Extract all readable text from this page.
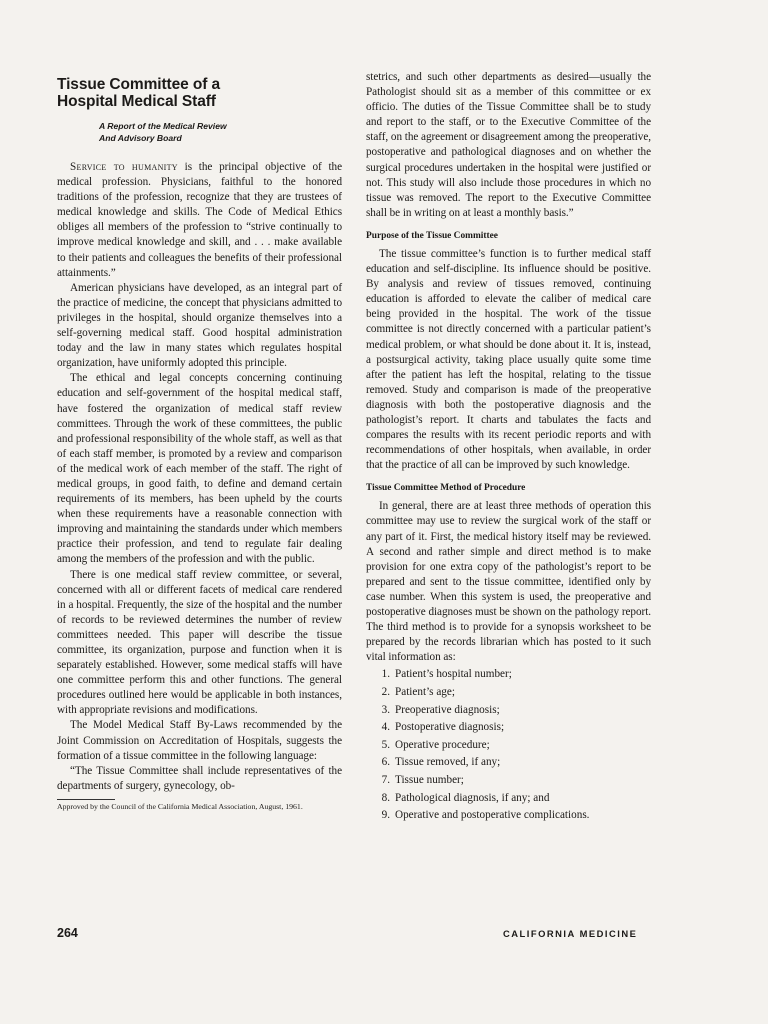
Tissue Committee of a
Hospital Medical Staff
A Report of the Medical Review
And Advisory Board

Service to humanity is the principal objective of the medical profession. Physicians, faithful to the honored traditions of the profession, recognize that they are trustees of medical knowledge and skills. The Code of Medical Ethics obliges all members of the profession to “strive continually to improve medical knowledge and skill, and . . . make available to their patients and colleagues the benefits of their professional attainments.”

American physicians have developed, as an integral part of the practice of medicine, the concept that physicians admitted to privileges in the hospital, should organize themselves into a self-governing medical staff. Good hospital administration today and the law in many states which regulates hospital organization, have uniformly adopted this principle.

The ethical and legal concepts concerning continuing education and self-government of the hospital medical staff, have fostered the organization of medical staff review committees. Through the work of these committees, the public and professional responsibility of the whole staff, as well as that of each staff member, is promoted by a review and comparison of the medical work of each member of the staff. The right of medical groups, in good faith, to define and demand certain requirements of its members, has been upheld by the courts when these requirements have a reasonable connection with improving and maintaining the standards under which members practice their profession, and tend to regulate fair dealing among the members of the profession and with the public.

There is one medical staff review committee, or several, concerned with all or different facets of medical care rendered in a hospital. Frequently, the size of the hospital and the number of records to be reviewed determines the number of review committees needed. This paper will describe the tissue committee, its organization, purpose and function when it is separately established. However, some medical staffs will have one committee perform this and other functions. The general procedures outlined here would be applicable in both instances, with appropriate revisions and modifications.

The Model Medical Staff By-Laws recommended by the Joint Commission on Accreditation of Hospitals, suggests the formation of a tissue committee in the following language:

“The Tissue Committee shall include representatives of the departments of surgery, gynecology, ob-

Approved by the Council of the California Medical Association, August, 1961.

stetrics, and such other departments as desired—usually the Pathologist should sit as a member of this committee or ex officio. The duties of the Tissue Committee shall be to study and report to the staff, or to the Executive Committee of the staff, on the agreement or disagreement among the preoperative, postoperative and pathological diagnoses and on whether the surgical procedures undertaken in the hospital were justified or not. This study will also include those procedures in which no tissue was removed. The report to the Executive Committee shall be in writing on at least a monthly basis.”

Purpose of the Tissue Committee

The tissue committee’s function is to further medical staff education and self-discipline. Its influence should be positive. By analysis and review of tissues removed, continuing education is afforded to elevate the caliber of medical care being provided in the hospital. The work of the tissue committee is not directly concerned with a particular patient’s medical problem, or what should be done about it. It is, instead, a postsurgical activity, taking place usually quite some time after the patient has left the hospital, relating to the tissue removed. Study and comparison is made of the preoperative diagnosis with both the postoperative diagnosis and the pathologist’s report. It charts and tabulates the facts and compares the results with its recent periodic reports and with recommendations of other hospitals, when available, in order that the practice of all can be improved by such knowledge.

Tissue Committee Method of Procedure

In general, there are at least three methods of operation this committee may use to review the surgical work of the staff or any part of it. First, the medical history itself may be reviewed. A second and rather simple and direct method is to make provision for one extra copy of the pathologist’s report to be prepared and sent to the tissue committee, identified only by case number. When this system is used, the preoperative and postoperative diagnoses must be shown on the pathology report. The third method is to provide for a synopsis worksheet to be prepared by the records librarian which has posted to it such vital information as:

1. Patient’s hospital number;
2. Patient’s age;
3. Preoperative diagnosis;
4. Postoperative diagnosis;
5. Operative procedure;
6. Tissue removed, if any;
7. Tissue number;
8. Pathological diagnosis, if any; and
9. Operative and postoperative complications.
264	CALIFORNIA MEDICINE
